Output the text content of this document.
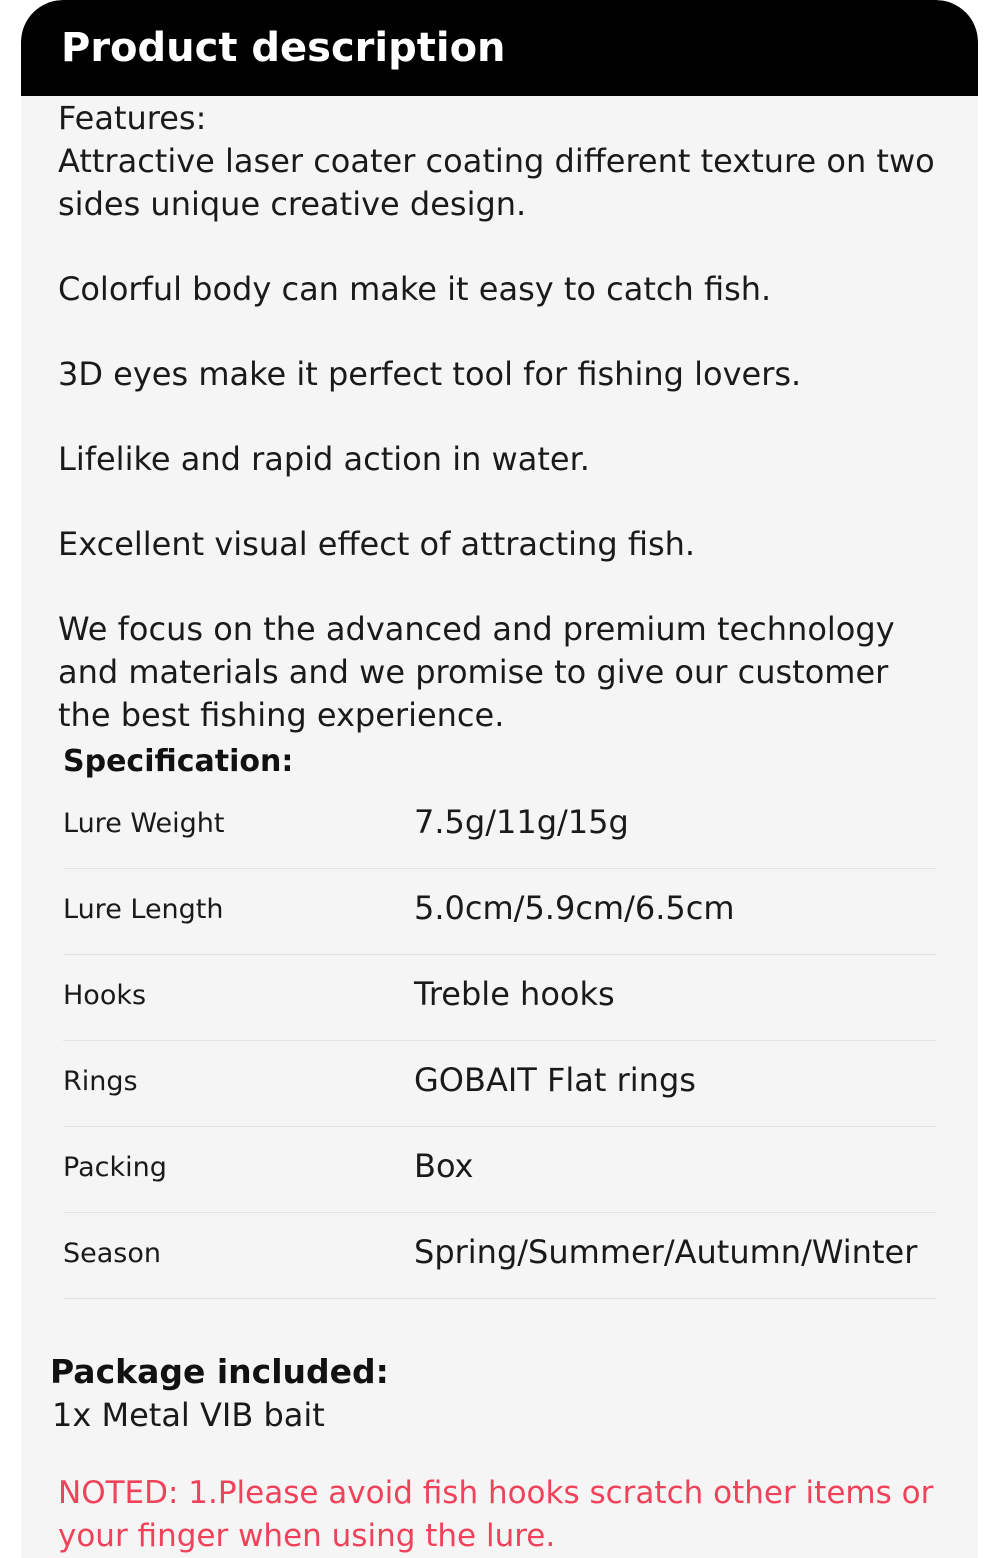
Product description

Features:

Attractive laser coater coating different texture on two sides unique creative design.

Colorful body can make it easy to catch fish.

3D eyes make it perfect tool for fishing lovers.

Lifelike and rapid action in water.

Excellent visual effect of attracting fish.

We focus on the advanced and premium technology and materials and we promise to give our customer the best fishing experience.

Specification:
Lure Weight	7.5g/11g/15g
Lure Length	5.0cm/5.9cm/6.5cm
Hooks	Treble hooks
Rings	GOBAIT Flat rings
Packing	Box
Season	Spring/Summer/Autumn/Winter
Package included:

1x Metal VIB bait

NOTED: 1.Please avoid fish hooks scratch other items or your finger when using the lure.
